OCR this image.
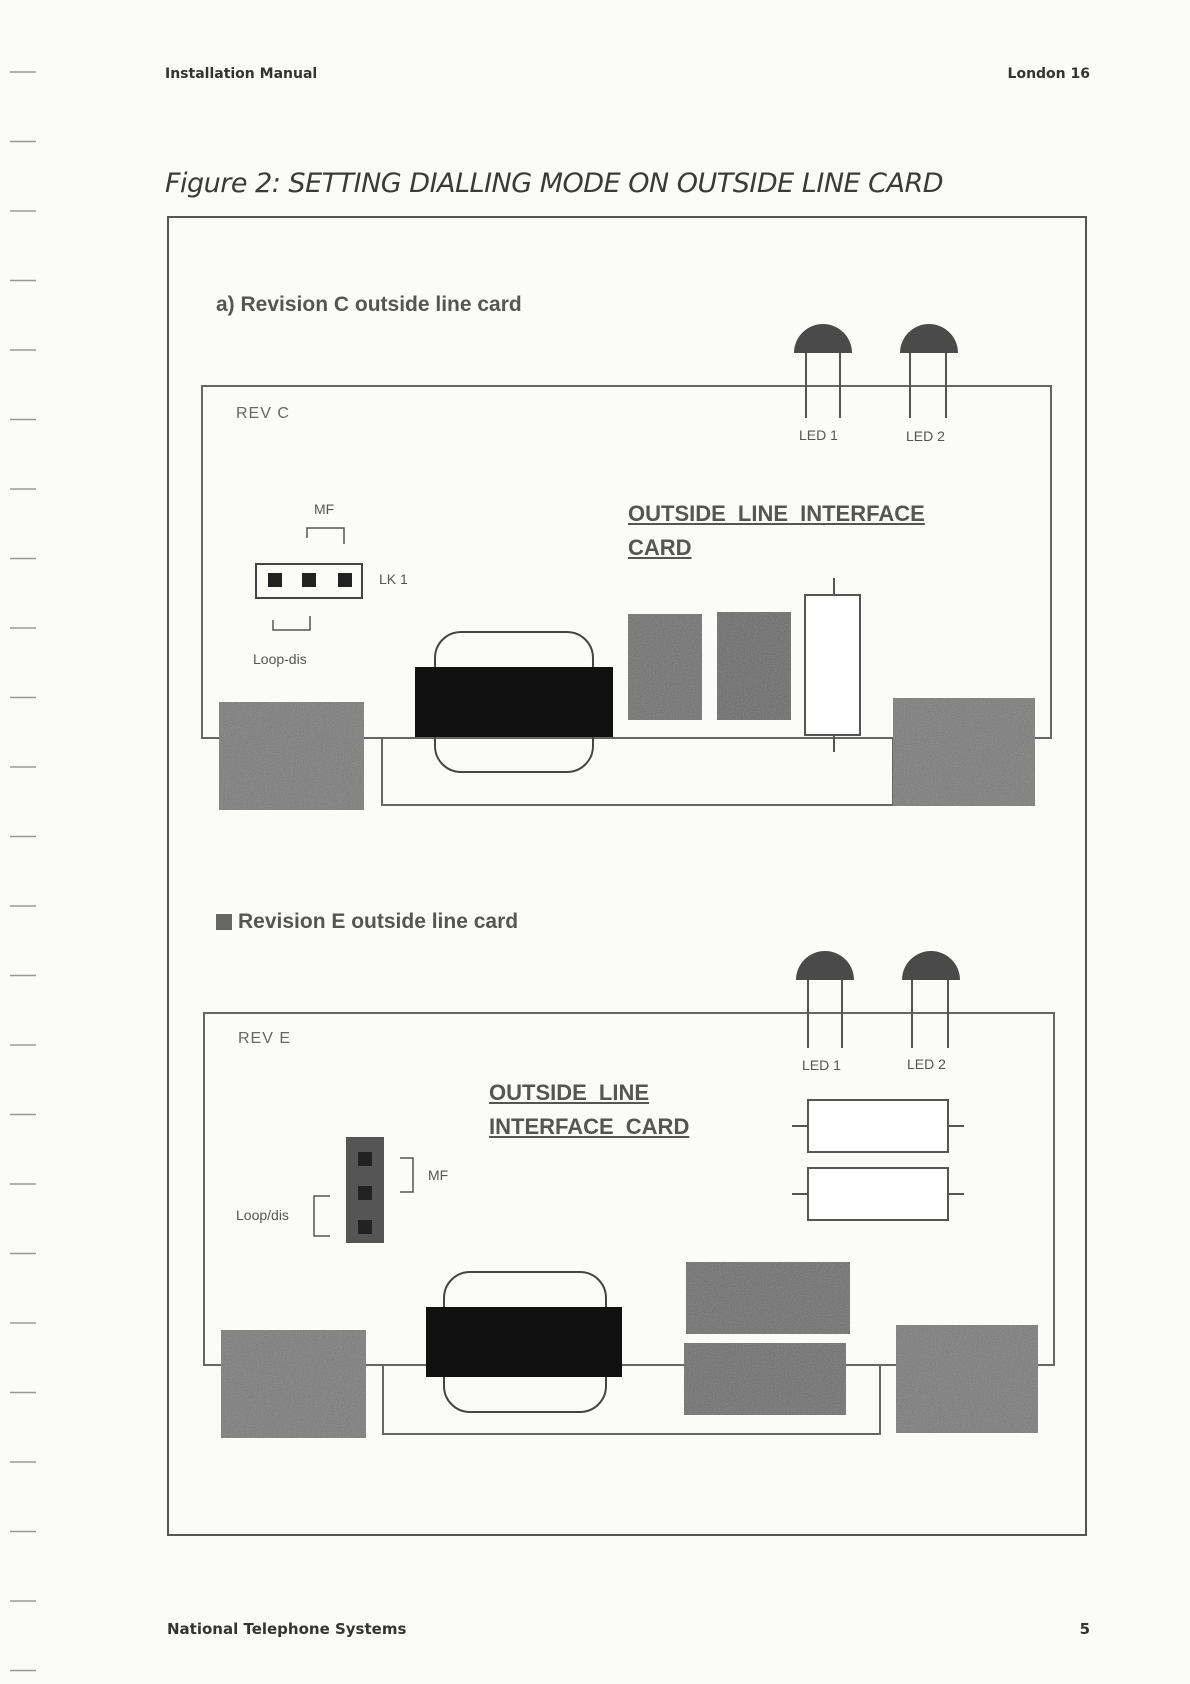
Installation Manual	London 16
Figure 2: SETTING DIALLING MODE ON OUTSIDE LINE CARD
a) Revision C outside line card
REV C
LED 1	LED 2
OUTSIDE LINE INTERFACE CARD
MF
LK 1
Loop-dis
Revision E outside line card
REV E
LED 1	LED 2
OUTSIDE LINE INTERFACE CARD
MF
Loop/dis
National Telephone Systems	5
